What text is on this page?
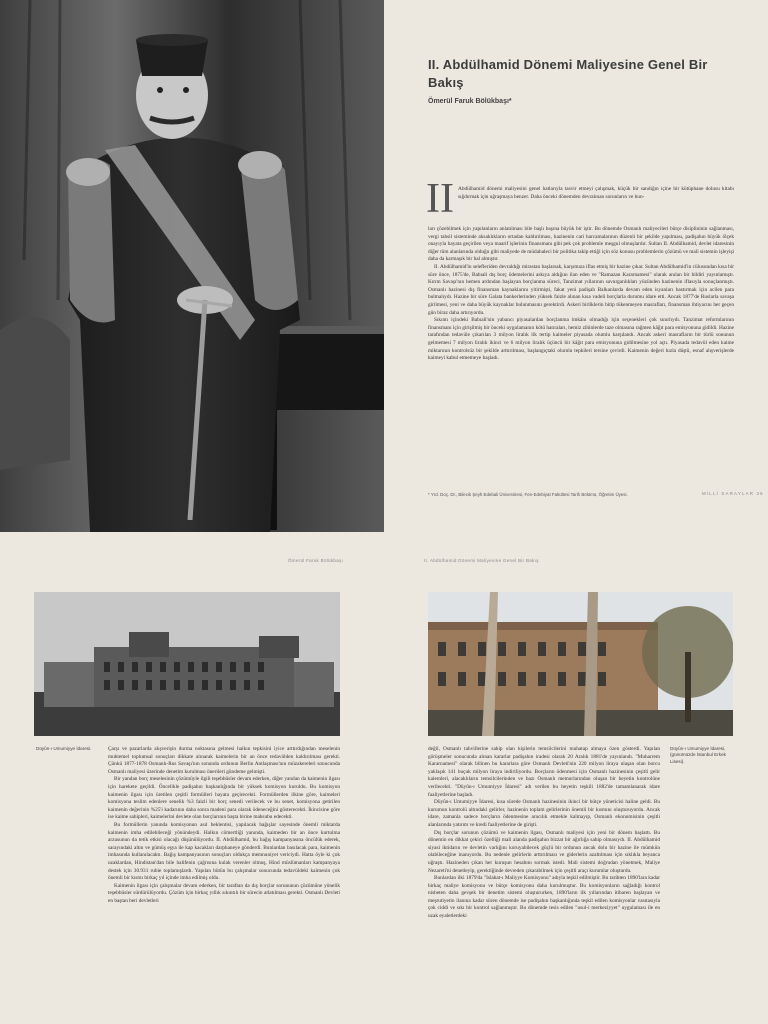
II. Abdülhamid Dönemi Maliyesine Genel Bir Bakış
Ömerül Faruk Bölükbaşı*
II Abdülhamid dönemi maliyesini genel hatlarıyla tasvir etmeyi çalışmak, küçük bir sandığın içine bir kütüphane dolusu kitabı sığdırmak için uğraşmaya benzer. Daha önceki dönemden devralınan sorunların ve bun-

ları çözebilmek için yapılanların anlatılması bile başlı başına büyük bir iştir. Bu dönemde Osmanlı maliyecileri bütçe disiplininin sağlanması, vergi tahsil sisteminde aksaklıkların ortadan kaldırılması, hazinenin cari harcamalarının düzenli bir şekilde yapılması, padişahın büyük ölçek onayıyla hayata geçirilen veya maarif işlerinin finansmanı gibi pek çok problemle meşgul olmuşlardır. Sultan II. Abdülhamid, devlet idaresinin diğer tüm alanlarında olduğu gibi maliyede de müdahaleci bir politika takip ettiği için söz konusu problemlerin çözümü ve mali sistemin işleyişi daha da karmaşık bir hal almıştır.

II. Abdülhamid'in selefleriden devraldığı mirastan başlarsak, karşımıza iflas etmiş bir hazine çıkar. Sultan Abdülhamid'in cülusundan kısa bir süre önce, 1875'de, Babıali dış borç ödemelerini askıya aldığını ilan eden ve "Ramazan Kararnamesi" olarak anılan bir bildiri yayınlamıştı. Kırım Savaşı'nın hemen ardından başlayan borçlanma süreci, Tanzimat yıllarının savurganlıkları yüzünden hazinenin iflasıyla sonuçlanmıştı. Osmanlı hazinesi dış finansman kaynaklarını yitirmişti, fakat yeni padişah Balkanlarda devam eden isyanları bastırmak için acilen para bulmalıydı. Hazine bir süre Galata bankerlerinden yüksek faizle alınan kısa vadeli borçlarla durumu idare etti. Ancak 1877'de Ruslarla savaşa girilmesi, yeni ve daha büyük kaynaklar bulunmasını gerektirdi. Askeri birliklerin bitip tükenmeyen masrafları, finansman ihtiyacını her geçen gün biraz daha artırıyordu.

Sıkıntı içindeki Babıali'nin yabancı piyasalardan borçlanma imkânı olmadığı için seçenekleri çok sınırlıydı. Tanzimat reformlarının finansmanı için girişilmiş bir önceki uygulamanın kötü hatıraları, hemiz zihinlerde taze olmasına rağmen kâğıt para emisyonuna gidildi. Hazine tarafından tedavüle çıkarılan 3 milyon liralık ilk tertip kaimeler piyasada olumlu karşılandı. Ancak askeri masrafların bir türlü sonunun gelmemesi 7 milyon liralık ikinci ve 6 milyon liralık üçüncü bir kâğıt para emisyonuna gidilmesine yol açtı. Piyasada tedavül eden kaime miktarının kontrolsüz bir şekilde arttırılması, başlangıçtaki olumlu tepkileri tersine çevirdi. Kaimenin değeri hızla düştü, esnaf alışverişlerde kaimeyi kabul etmemeye başladı.

* Yrd. Doç. Dr., Bilecik Şeyh Edebali Üniversitesi, Fen-Edebiyat Fakültesi Tarih Bölümü, Öğretim Üyesi.	MİLLİ SARAYLAR 36
Ömerül Faruk Bölükbaşı	II. Abdülhamid Dönemi Maliyesine Genel Bir Bakış
Düyûn-ı Umumiyye İdaresi.	Çarşı ve pazarlarda alışverişin durma noktasına gelmesi halkın tepkisini iyice arttırdığından meselenin muhtemel toplumsal sonuçları dikkate alınarak kaimelerin bir an önce tedavülden kaldırılması gerekti. Çünkü 1877-1878 Osmanlı-Rus Savaşı'nın sonunda ordunun Berlin Antlaşması'nın müzakereleri sonucunda Osmanlı maliyesi üzerinde denetim kurulması önerileri gündeme gelmişti.

Bir yandan borç meselesinin çözümüyle ilgili teşebbüsler devam ederken, diğer yandan da kaimenin ilgası için harekete geçildi. Öncelikle padişahın başkanlığında bir yüksek komisyon kuruldu. Bu komisyon kaimenin ilgası için üretilen çeşitli formülleri hayata geçirecekti. Formüllerden ilkine göre, kaimeleri komisyona teslim edenlere senelik %3 faizli bir borç senedi verilecek ve bu senet, komisyona getirilen kaimenin değerinin %25'i kadarının daha sonra madeni para olarak ödeneceğini gösterecekti. İkincisine göre ise kaime sahipleri, kaimelerini devlete olan borçlarının başta birine mahsubu edecekti.

Bu formüllerin yanında komisyonun asıl beklentisi, yapılacak bağışlar sayesinde önemli miktarda kaimenin imha edilebileceği yönündeydi. Halkın cömertliği yanında, kaimeden bir an önce kurtulma arzusunun da tetik etkisi olacağı düşünülüyordu. II. Abdülhamid, bu bağış kampanyasına öncülük ederek, sarayındaki altın ve gümüş eşya ile kap kacakları darphaneye gönderdi. Bunlardan basılacak para, kaimenin imhasında kullanılacaktı. Bağış kampanyasının sonuçları oldukça memnuniyet vericiydi. Hatta öyle ki çok uzaklardan, Hindistan'dan bile halifenin çağrısına kulak verenler olmuş, Hind müslümanları kampanyaya destek için 30.931 rubie toplamışlardı. Yapılan bütün bu çalışmalar sonucunda tedavüldeki kaimenin çok önemli bir kısmı birkaç yıl içinde imha edilmiş oldu.

Kaimenin ilgası için çalışmalar devam ederken, bir taraftan da dış borçlar sorununun çözümüne yönelik teşebbüsler sürdürülüyordu. Çözüm için birkaç yıllık sıkıntılı bir sürecin atlatılması gerekti. Osmanlı Devleti en baştan beri devletleri

değil, Osmanlı tahvillerine sahip olan kişilerin temsilcilerini muhatap almaya özen gösterdi. Yapılan görüşmeler sonucunda alınan kararlar padişahın iradesi olarak 20 Aralık 1881'de yayınlandı. "Muharrem Kararnamesi" olarak bilinen bu kararlara göre Osmanlı Devleti'nin 220 milyon liraya ulaşan olan borcu yaklaşık 141 buçuk milyon liraya indiriliyordu. Borçların ödenmesi için Osmanlı hazinesinin çeşitli gelir kalemleri, alacaklıların temsilcilerinden ve bazı Osmanlı memurlarından oluşan bir heyetin kontrolüne verilecekti. "Düyûn-ı Umumiyye İdaresi" adı verilen bu heyetin teşkili 1882'de tamamlanarak idare faaliyetlerine başladı.

Düyûn-ı Umumiyye İdaresi, kısa sürede Osmanlı hazinesinin ikinci bir bütçe yöneticisi haline geldi. Bu kurumun kontrolü altındaki gelirler, hazinenin toplam gelirlerinin önemli bir kısmını oluşturuyordu. Ancak idare, zamanla sadece borçların ödenmesine aracılık etmekle kalmayıp, Osmanlı ekonomisinin çeşitli alanlarında yatırım ve kredi faaliyetlerine de girişti.

Dış borçlar sorunun çözümü ve kaimenin ilgası, Osmanlı maliyesi için yeni bir dönem başlattı. Bu dönemin en dikkat çekici özelliği mali alanda padişahın bizzat bir ağırlığa sahip olmasıydı. II. Abdülhamid siyasi iktidarın ve devletin varlığını koruyabilecek güçlü bir ordunun ancak dolu bir hazine ile mümkün olabileceğine inanıyordu. Bu nedenle gelirlerin arttırılması ve giderlerin azaltılması için sıklıkla beyanca uğraştı. Hazineden çıkan her kuruşun hesabını sormak istedi. Mali sistemi doğrudan yönetmek, Maliye Nezareti'ni denetleyip, gerektiğinde devreden çıkarabilmek için çeşitli araçı kurumlar oluşturdu.

Bunlardan ilki 1879'da "Islahat-ı Maliyye Komisyonu" adıyla teşkil edilmiştir. Bu tarihten 1890'lara kadar birkaç maliye komisyonu ve bütçe komisyonu daha kurulmuştur. Bu komisyonların sağladığı kontrol nisbeten daha gevşek bir denetim sistemi oluştururken, 1890'ların ilk yıllarından itibaren başlayan ve meşrutiyetin ilanına kadar süren dönemde ise padişahın başkanlığında teşkil edilen komisyonlar vasıtasıyla çok ciddi ve sıkı bir kontrol sağlanmıştır. Bu dönemde tesis edilen "usul-i merkeziyyet" uygulaması ile en uzak eyaletlerdeki

Düyûn-ı Umumiyye İdaresi, (günümüzde İstanbul Erkek Lisesi).
